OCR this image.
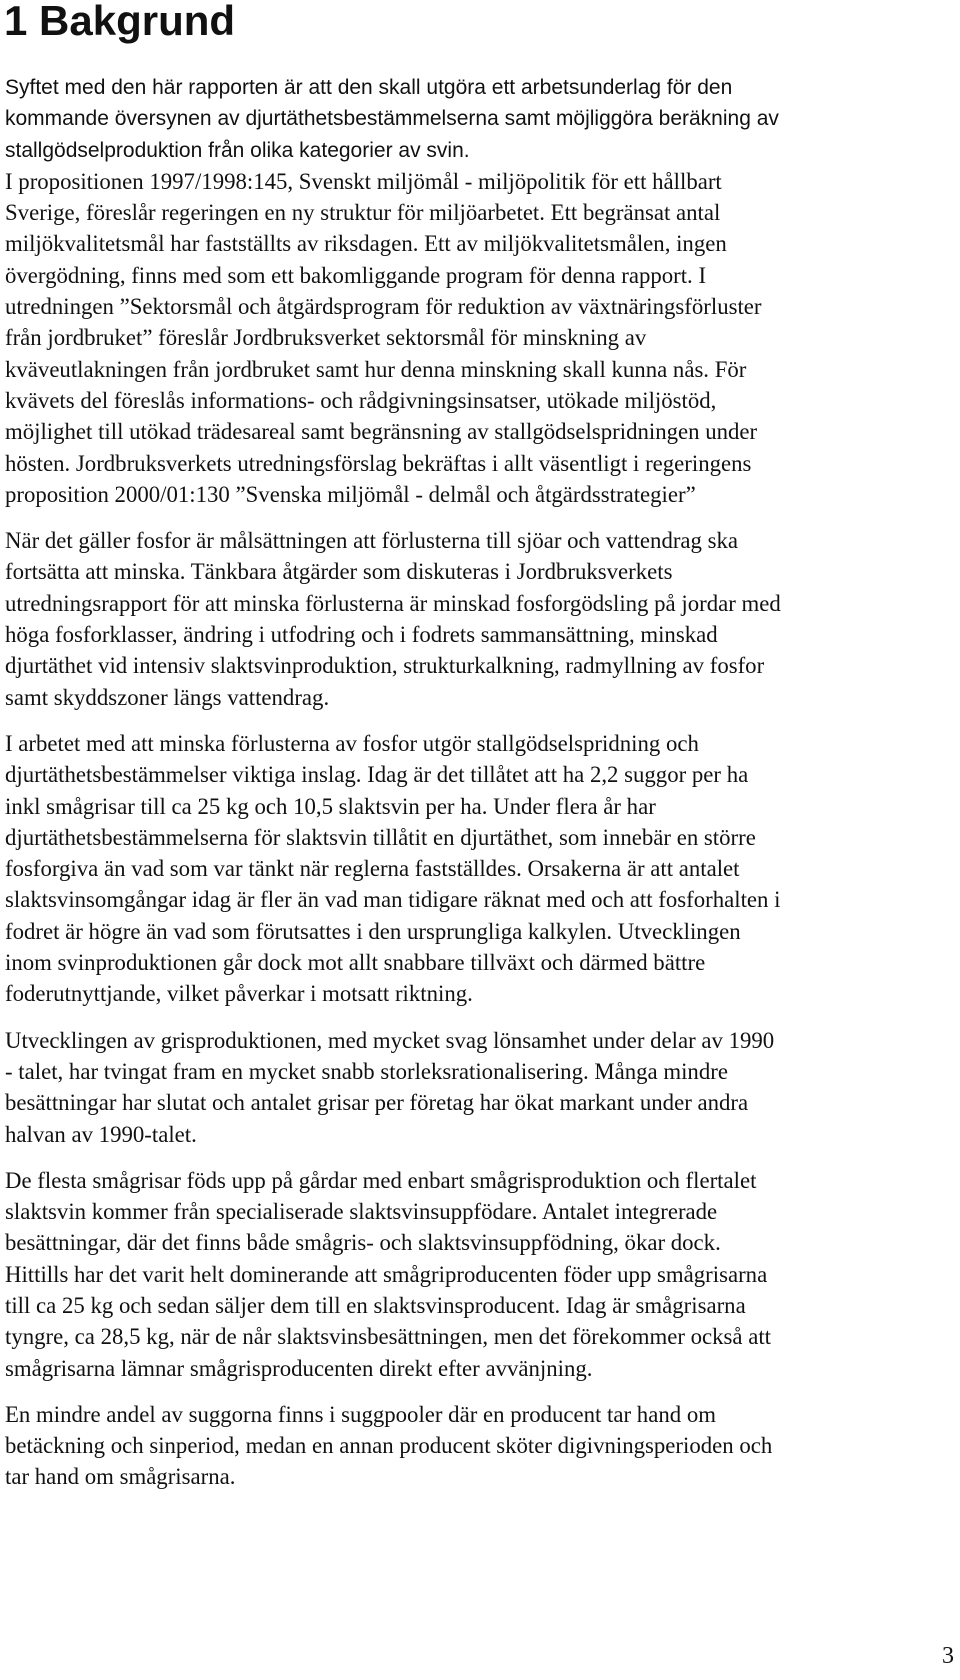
1 Bakgrund

Syftet med den här rapporten är att den skall utgöra ett arbetsunderlag för den
kommande översynen av djurtäthetsbestämmelserna samt möjliggöra beräkning av
stallgödselproduktion från olika kategorier av svin.
I propositionen 1997/1998:145, Svenskt miljömål - miljöpolitik för ett hållbart
Sverige, föreslår regeringen en ny struktur för miljöarbetet. Ett begränsat antal
miljökvalitetsmål har fastställts av riksdagen. Ett av miljökvalitetsmålen, ingen
övergödning, finns med som ett bakomliggande program för denna rapport. I
utredningen ”Sektorsmål och åtgärdsprogram för reduktion av växtnäringsförluster
från jordbruket” föreslår Jordbruksverket sektorsmål för minskning av
kväveutlakningen från jordbruket samt hur denna minskning skall kunna nås. För
kvävets del föreslås informations- och rådgivningsinsatser, utökade miljöstöd,
möjlighet till utökad trädesareal samt begränsning av stallgödselspridningen under
hösten. Jordbruksverkets utredningsförslag bekräftas i allt väsentligt i regeringens
proposition 2000/01:130 ”Svenska miljömål - delmål och åtgärdsstrategier”

När det gäller fosfor är målsättningen att förlusterna till sjöar och vattendrag ska
fortsätta att minska. Tänkbara åtgärder som diskuteras i Jordbruksverkets
utredningsrapport för att minska förlusterna är minskad fosforgödsling på jordar med
höga fosforklasser, ändring i utfodring och i fodrets sammansättning, minskad
djurtäthet vid intensiv slaktsvinproduktion, strukturkalkning, radmyllning av fosfor
samt skyddszoner längs vattendrag.

I arbetet med att minska förlusterna av fosfor utgör stallgödselspridning och
djurtäthetsbestämmelser viktiga inslag. Idag är det tillåtet att ha 2,2 suggor per ha
inkl smågrisar till ca 25 kg och 10,5 slaktsvin per ha. Under flera år har
djurtäthetsbestämmelserna för slaktsvin tillåtit en djurtäthet, som innebär en större
fosforgiva än vad som var tänkt när reglerna fastställdes. Orsakerna är att antalet
slaktsvinsomgångar idag är fler än vad man tidigare räknat med och att fosforhalten i
fodret är högre än vad som förutsattes i den ursprungliga kalkylen. Utvecklingen
inom svinproduktionen går dock mot allt snabbare tillväxt och därmed bättre
foderutnyttjande, vilket påverkar i motsatt riktning.

Utvecklingen av grisproduktionen, med mycket svag lönsamhet under delar av 1990
- talet, har tvingat fram en mycket snabb storleksrationalisering. Många mindre
besättningar har slutat och antalet grisar per företag har ökat markant under andra
halvan av 1990-talet.

De flesta smågrisar föds upp på gårdar med enbart smågrisproduktion och flertalet
slaktsvin kommer från specialiserade slaktsvinsuppfödare. Antalet integrerade
besättningar, där det finns både smågris- och slaktsvinsuppfödning, ökar dock.
Hittills har det varit helt dominerande att smågriproducenten föder upp smågrisarna
till ca 25 kg och sedan säljer dem till en slaktsvinsproducent. Idag är smågrisarna
tyngre, ca 28,5 kg, när de når slaktsvinsbesättningen, men det förekommer också att
smågrisarna lämnar smågrisproducenten direkt efter avvänjning.

En mindre andel av suggorna finns i suggpooler där en producent tar hand om
betäckning och sinperiod, medan en annan producent sköter digivningsperioden och
tar hand om smågrisarna.

3
